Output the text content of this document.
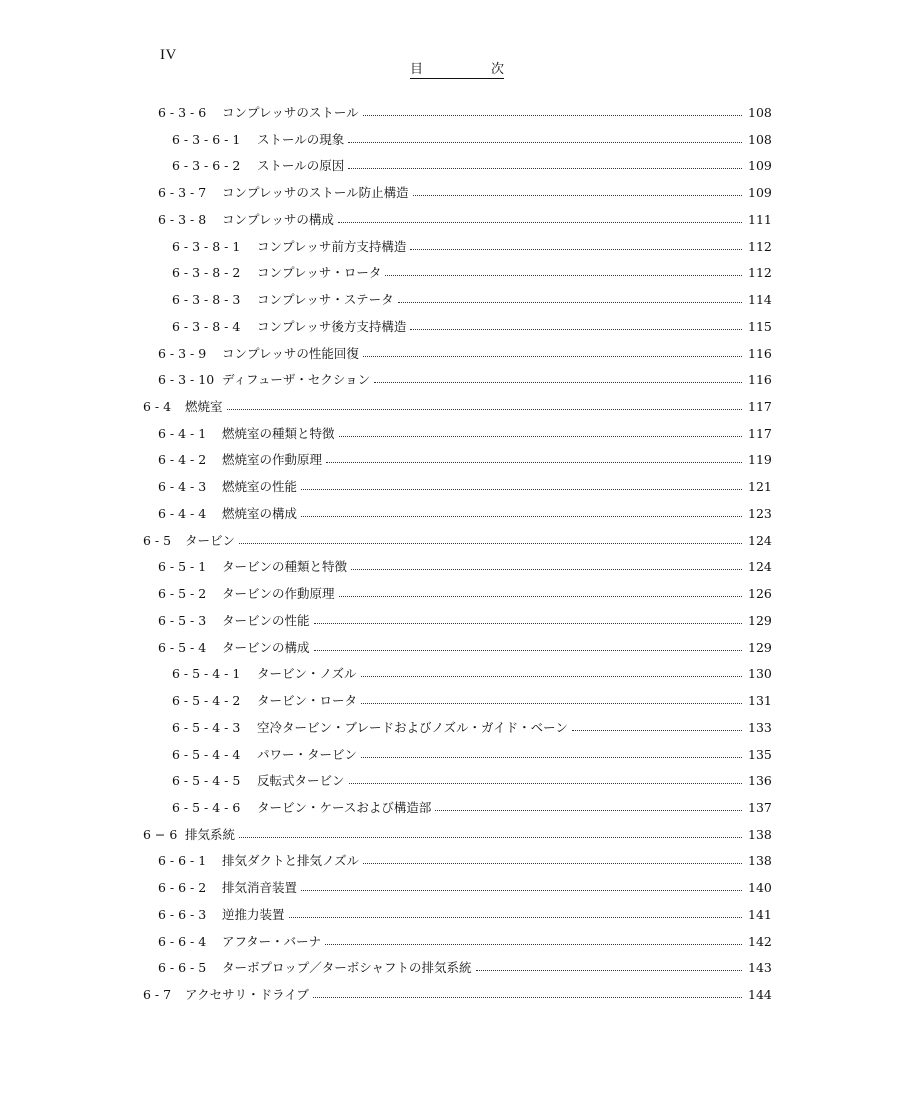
IV
目	次
6 - 3 - 6	コンプレッサのストール	108
6 - 3 - 6 - 1	ストールの現象	108
6 - 3 - 6 - 2	ストールの原因	109
6 - 3 - 7	コンプレッサのストール防止構造	109
6 - 3 - 8	コンプレッサの構成	111
6 - 3 - 8 - 1	コンプレッサ前方支持構造	112
6 - 3 - 8 - 2	コンプレッサ・ロータ	112
6 - 3 - 8 - 3	コンプレッサ・ステータ	114
6 - 3 - 8 - 4	コンプレッサ後方支持構造	115
6 - 3 - 9	コンプレッサの性能回復	116
6 - 3 - 10 ディフューザ・セクション	116
6 - 4	燃焼室	117
6 - 4 - 1	燃焼室の種類と特徴	117
6 - 4 - 2	燃焼室の作動原理	119
6 - 4 - 3	燃焼室の性能	121
6 - 4 - 4	燃焼室の構成	123
6 - 5	タービン	124
6 - 5 - 1	タービンの種類と特徴	124
6 - 5 - 2	タービンの作動原理	126
6 - 5 - 3	タービンの性能	129
6 - 5 - 4	タービンの構成	129
6 - 5 - 4 - 1	タービン・ノズル	130
6 - 5 - 4 - 2	タービン・ロータ	131
6 - 5 - 4 - 3	空冷タービン・ブレードおよびノズル・ガイド・ベーン	133
6 - 5 - 4 - 4	パワー・タービン	135
6 - 5 - 4 - 5	反転式タービン	136
6 - 5 - 4 - 6	タービン・ケースおよび構造部	137
6 − 6 排気系統	138
6 - 6 - 1	排気ダクトと排気ノズル	138
6 - 6 - 2	排気消音装置	140
6 - 6 - 3	逆推力装置	141
6 - 6 - 4	アフター・バーナ	142
6 - 6 - 5	ターボプロップ／ターボシャフトの排気系統	143
6 - 7	アクセサリ・ドライブ	144
